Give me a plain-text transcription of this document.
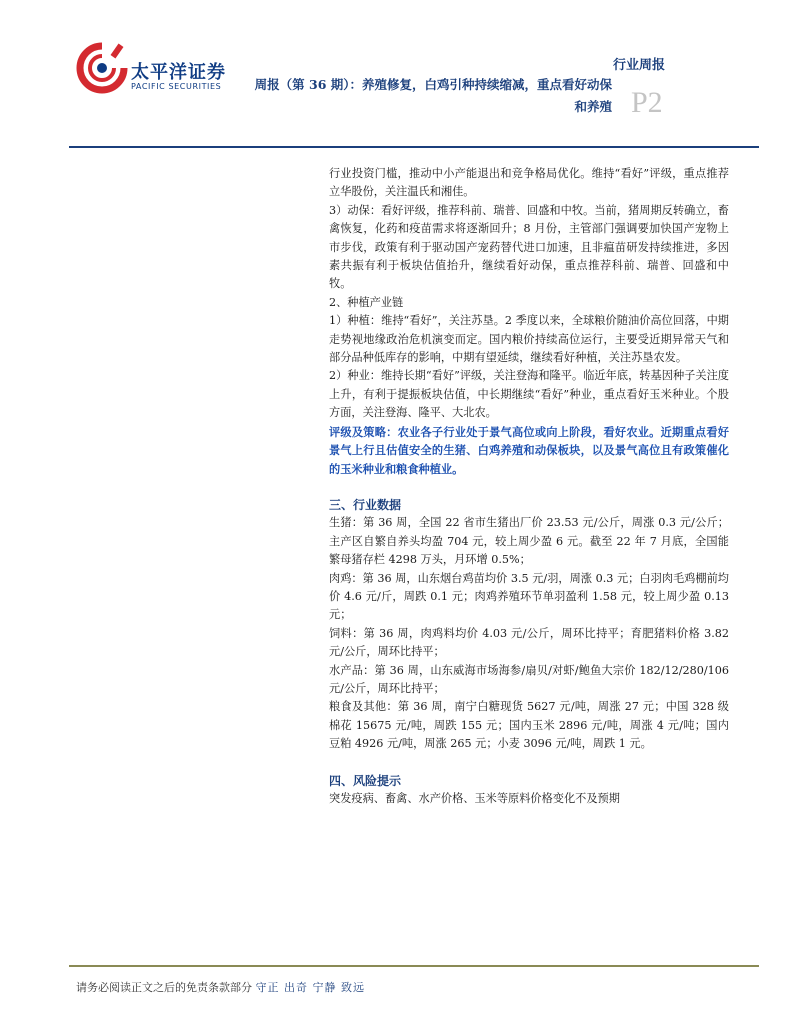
太平洋证券
PACIFIC SECURITIES
行业周报
周报（第 36 期）：养殖修复，白鸡引种持续缩减，重点看好动保
和养殖 P2

行业投资门槛，推动中小产能退出和竞争格局优化。维持“看好”评级，重点推荐立华股份，关注温氏和湘佳。

3）动保：看好评级，推荐科前、瑞普、回盛和中牧。当前，猪周期反转确立，畜禽恢复，化药和疫苗需求将逐渐回升；8 月份，主管部门强调要加快国产宠物上市步伐，政策有利于驱动国产宠药替代进口加速，且非瘟苗研发持续推进，多因素共振有利于板块估值抬升，继续看好动保，重点推荐科前、瑞普、回盛和中牧。

2、种植产业链

1）种植：维持“看好”，关注苏垦。2 季度以来，全球粮价随油价高位回落，中期走势视地缘政治危机演变而定。国内粮价持续高位运行，主要受近期异常天气和部分品种低库存的影响，中期有望延续，继续看好种植，关注苏垦农发。

2）种业：维持长期“看好”评级，关注登海和隆平。临近年底，转基因种子关注度上升，有利于提振板块估值，中长期继续“看好”种业，重点看好玉米种业。个股方面，关注登海、隆平、大北农。

评级及策略：农业各子行业处于景气高位或向上阶段，看好农业。近期重点看好景气上行且估值安全的生猪、白鸡养殖和动保板块，以及景气高位且有政策催化的玉米种业和粮食种植业。

三、行业数据

生猪：第 36 周，全国 22 省市生猪出厂价 23.53 元/公斤，周涨 0.3 元/公斤；主产区自繁自养头均盈 704 元，较上周少盈 6 元。截至 22 年 7 月底，全国能繁母猪存栏 4298 万头，月环增 0.5%；

肉鸡：第 36 周，山东烟台鸡苗均价 3.5 元/羽，周涨 0.3 元；白羽肉毛鸡棚前均价 4.6 元/斤，周跌 0.1 元；肉鸡养殖环节单羽盈利 1.58 元，较上周少盈 0.13 元；

饲料：第 36 周，肉鸡料均价 4.03 元/公斤，周环比持平；育肥猪料价格 3.82 元/公斤，周环比持平；

水产品：第 36 周，山东威海市场海参/扇贝/对虾/鲍鱼大宗价 182/12/280/106 元/公斤，周环比持平；

粮食及其他：第 36 周，南宁白糖现货 5627 元/吨，周涨 27 元；中国 328 级棉花 15675 元/吨，周跌 155 元；国内玉米 2896 元/吨，周涨 4 元/吨；国内豆粕 4926 元/吨，周涨 265 元；小麦 3096 元/吨，周跌 1 元。

四、风险提示

突发疫病、畜禽、水产价格、玉米等原料价格变化不及预期

请务必阅读正文之后的免责条款部分 守正 出奇 宁静 致远
